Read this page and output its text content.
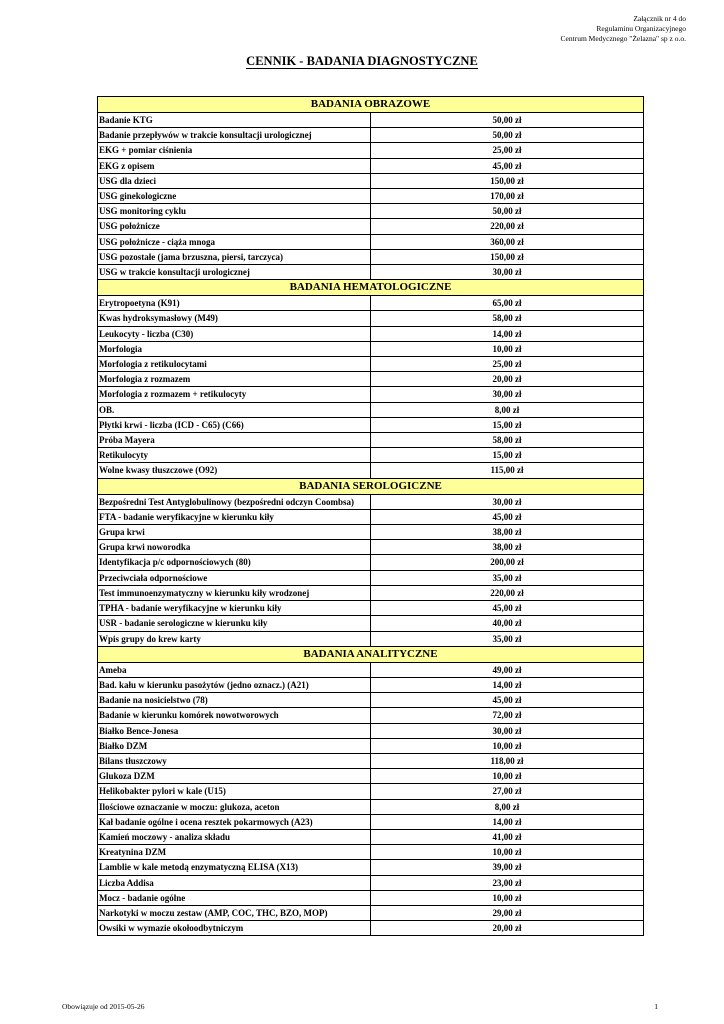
Załącznik nr 4 do
Regulaminu Organizacyjnego
Centrum Medycznego "Żelazna" sp z o.o.
CENNIK - BADANIA DIAGNOSTYCZNE
BADANIA OBRAZOWE	
Badanie KTG	50,00 zł
Badanie przepływów w trakcie konsultacji urologicznej	50,00 zł
EKG + pomiar ciśnienia	25,00 zł
EKG z opisem	45,00 zł
USG dla dzieci	150,00 zł
USG ginekologiczne	170,00 zł
USG monitoring cyklu	50,00 zł
USG położnicze	220,00 zł
USG położnicze - ciąża mnoga	360,00 zł
USG pozostałe (jama brzuszna, piersi, tarczyca)	150,00 zł
USG w trakcie konsultacji urologicznej	30,00 zł
BADANIA HEMATOLOGICZNE	
Erytropoetyna (K91)	65,00 zł
Kwas hydroksymasłowy (M49)	58,00 zł
Leukocyty - liczba (C30)	14,00 zł
Morfologia	10,00 zł
Morfologia z retikulocytami	25,00 zł
Morfologia z rozmazem	20,00 zł
Morfologia z rozmazem + retikulocyty	30,00 zł
OB.	8,00 zł
Płytki krwi - liczba (ICD - C65) (C66)	15,00 zł
Próba Mayera	58,00 zł
Retikulocyty	15,00 zł
Wolne kwasy tłuszczowe (O92)	115,00 zł
BADANIA SEROLOGICZNE	
Bezpośredni Test Antyglobulinowy (bezpośredni odczyn Coombsa)	30,00 zł
FTA - badanie weryfikacyjne w kierunku kiły	45,00 zł
Grupa krwi	38,00 zł
Grupa krwi noworodka	38,00 zł
Identyfikacja p/c odpornościowych (80)	200,00 zł
Przeciwciała odpornościowe	35,00 zł
Test immunoenzymatyczny w kierunku kiły wrodzonej	220,00 zł
TPHA - badanie weryfikacyjne w kierunku kiły	45,00 zł
USR - badanie serologiczne w kierunku kiły	40,00 zł
Wpis grupy do krew karty	35,00 zł
BADANIA ANALITYCZNE	
Ameba	49,00 zł
Bad. kału w kierunku pasożytów (jedno oznacz.) (A21)	14,00 zł
Badanie na nosicielstwo (78)	45,00 zł
Badanie w kierunku komórek nowotworowych	72,00 zł
Białko Bence-Jonesa	30,00 zł
Białko DZM	10,00 zł
Bilans tłuszczowy	118,00 zł
Glukoza DZM	10,00 zł
Helikobakter pylori w kale (U15)	27,00 zł
Ilościowe oznaczanie w moczu: glukoza, aceton	8,00 zł
Kał badanie ogólne i ocena resztek pokarmowych (A23)	14,00 zł
Kamień moczowy - analiza składu	41,00 zł
Kreatynina DZM	10,00 zł
Lamblie w kale metodą enzymatyczną ELISA (X13)	39,00 zł
Liczba Addisa	23,00 zł
Mocz - badanie ogólne	10,00 zł
Narkotyki w moczu zestaw (AMP, COC, THC, BZO, MOP)	29,00 zł
Owsiki w wymazie okołoodbytniczym	20,00 zł
Obowiązuje od 2015-05-26	1
